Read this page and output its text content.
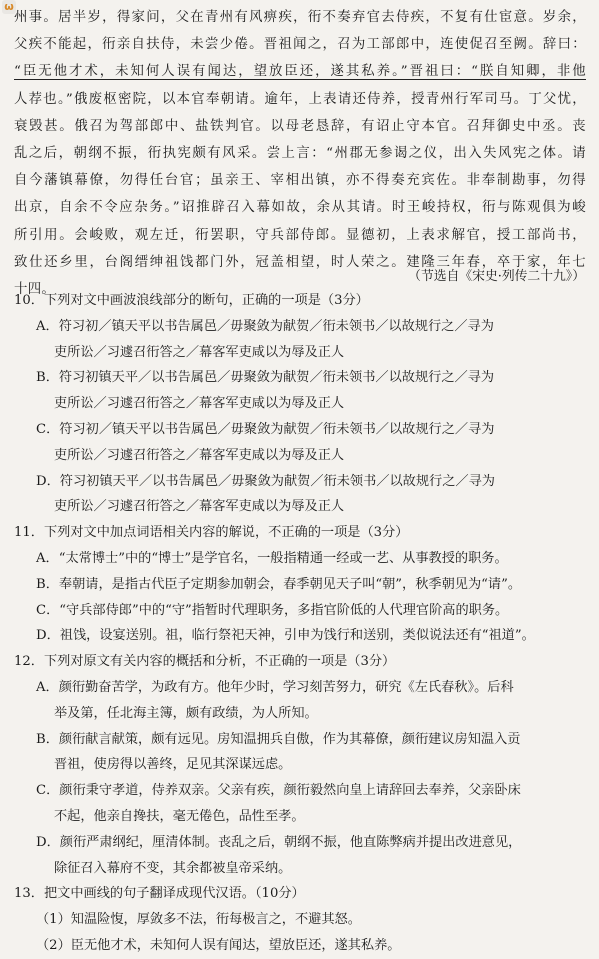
ω
州事。居半岁，得家问，父在青州有风痹疾，衎不奏弃官去侍疾，不复有仕宦意。岁余，
父疾不能起，衎亲自扶侍，未尝少倦。晋祖闻之，召为工部郎中，连使促召至阙。辞曰：
“臣无他才术，未知何人误有闻达，望放臣还，遂其私养。”晋祖曰：“朕自知卿，非他
人荐也。”俄废枢密院，以本官奉朝请。逾年，上表请还侍养，授青州行军司马。丁父忧，
衰毁甚。俄召为驾部郎中、盐铁判官。以母老恳辞，有诏止守本官。召拜御史中丞。丧
乱之后，朝纲不振，衎执宪颇有风采。尝上言：“州郡无参谒之仪，出入失风宪之体。请
自今藩镇幕僚，勿得任台官；虽亲王、宰相出镇，亦不得奏充宾佐。非奉制勘事，勿得
出京，自余不令应杂务。”诏推辟召入幕如故，余从其请。时王峻持权，衎与陈观俱为峻
所引用。会峻败，观左迁，衎罢职，守兵部侍郎。显德初，上表求解官，授工部尚书，
致仕还乡里，台阁缙绅祖饯都门外，冠盖相望，时人荣之。建隆三年春，卒于家，年七
十四。
（节选自《宋史·列传二十九》）
10．下列对文中画波浪线部分的断句，正确的一项是（3分）
A．符习初／镇天平以书告属邑／毋聚敛为献贺／衎未领书／以故规行之／寻为
吏所讼／习遽召衎答之／幕客军吏咸以为辱及正人
B．符习初镇天平／以书告属邑／毋聚敛为献贺／衎未领书／以故规行之／寻为
吏所讼／习遽召衎答之／幕客军吏咸以为辱及正人
C．符习初／镇天平以书告属邑／毋聚敛为献贺／衎未领书／以故规行之／寻为
吏所讼／习遽召衎答之／幕客军吏咸以为辱及正人
D．符习初镇天平／以书告属邑／毋聚敛为献贺／衎未领书／以故规行之／寻为
吏所讼／习遽召衎答之／幕客军吏咸以为辱及正人
11．下列对文中加点词语相关内容的解说，不正确的一项是（3分）
A．“太常博士”中的“博士”是学官名，一般指精通一经或一艺、从事教授的职务。
B．奉朝请，是指古代臣子定期参加朝会，春季朝见天子叫“朝”，秋季朝见为“请”。
C．“守兵部侍郎”中的“守”指暂时代理职务，多指官阶低的人代理官阶高的职务。
D．祖饯，设宴送别。祖，临行祭祀天神，引申为饯行和送别，类似说法还有“祖道”。
12．下列对原文有关内容的概括和分析，不正确的一项是（3分）
A．颜衎勤奋苦学，为政有方。他年少时，学习刻苦努力，研究《左氏春秋》。后科
举及第，任北海主簿，颇有政绩，为人所知。
B．颜衎献言献策，颇有远见。房知温拥兵自傲，作为其幕僚，颜衎建议房知温入贡
晋祖，使房得以善终，足见其深谋远虑。
C．颜衎秉守孝道，侍养双亲。父亲有疾，颜衎毅然向皇上请辞回去奉养，父亲卧床
不起，他亲自搀扶，毫无倦色，品性至孝。
D．颜衎严肃纲纪，厘清体制。丧乱之后，朝纲不振，他直陈弊病并提出改进意见，
除征召入幕府不变，其余都被皇帝采纳。
13．把文中画线的句子翻译成现代汉语。（10分）
（1）知温险愎，厚敛多不法，衎每极言之，不避其怒。
（2）臣无他才术，未知何人误有闻达，望放臣还，遂其私养。
